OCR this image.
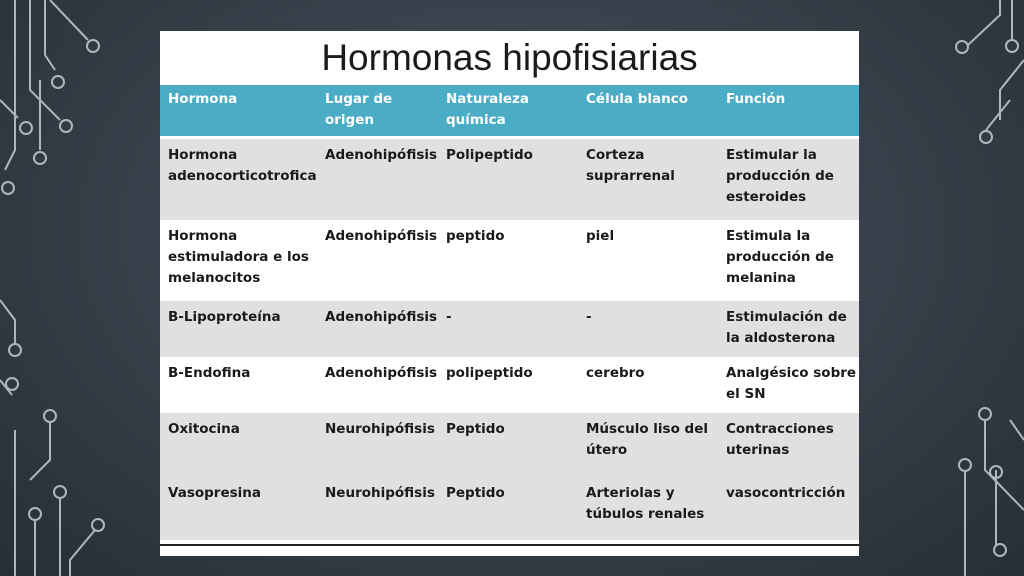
Hormonas hipofisiarias
Hormona	Lugar de origen	Naturaleza química	Célula blanco	Función
Hormona adenocorticotrofica	Adenohipófisis	Polipeptido	Corteza suprarrenal	Estimular la producción de esteroides
Hormona estimuladora e los melanocitos	Adenohipófisis	peptido	piel	Estimula la producción de melanina
B-Lipoproteína	Adenohipófisis	-	-	Estimulación de la aldosterona
B-Endofina	Adenohipófisis	polipeptido	cerebro	Analgésico sobre el SN
Oxitocina	Neurohipófisis	Peptido	Músculo liso del útero	Contracciones uterinas
Vasopresina	Neurohipófisis	Peptido	Arteriolas y túbulos renales	vasocontricción
